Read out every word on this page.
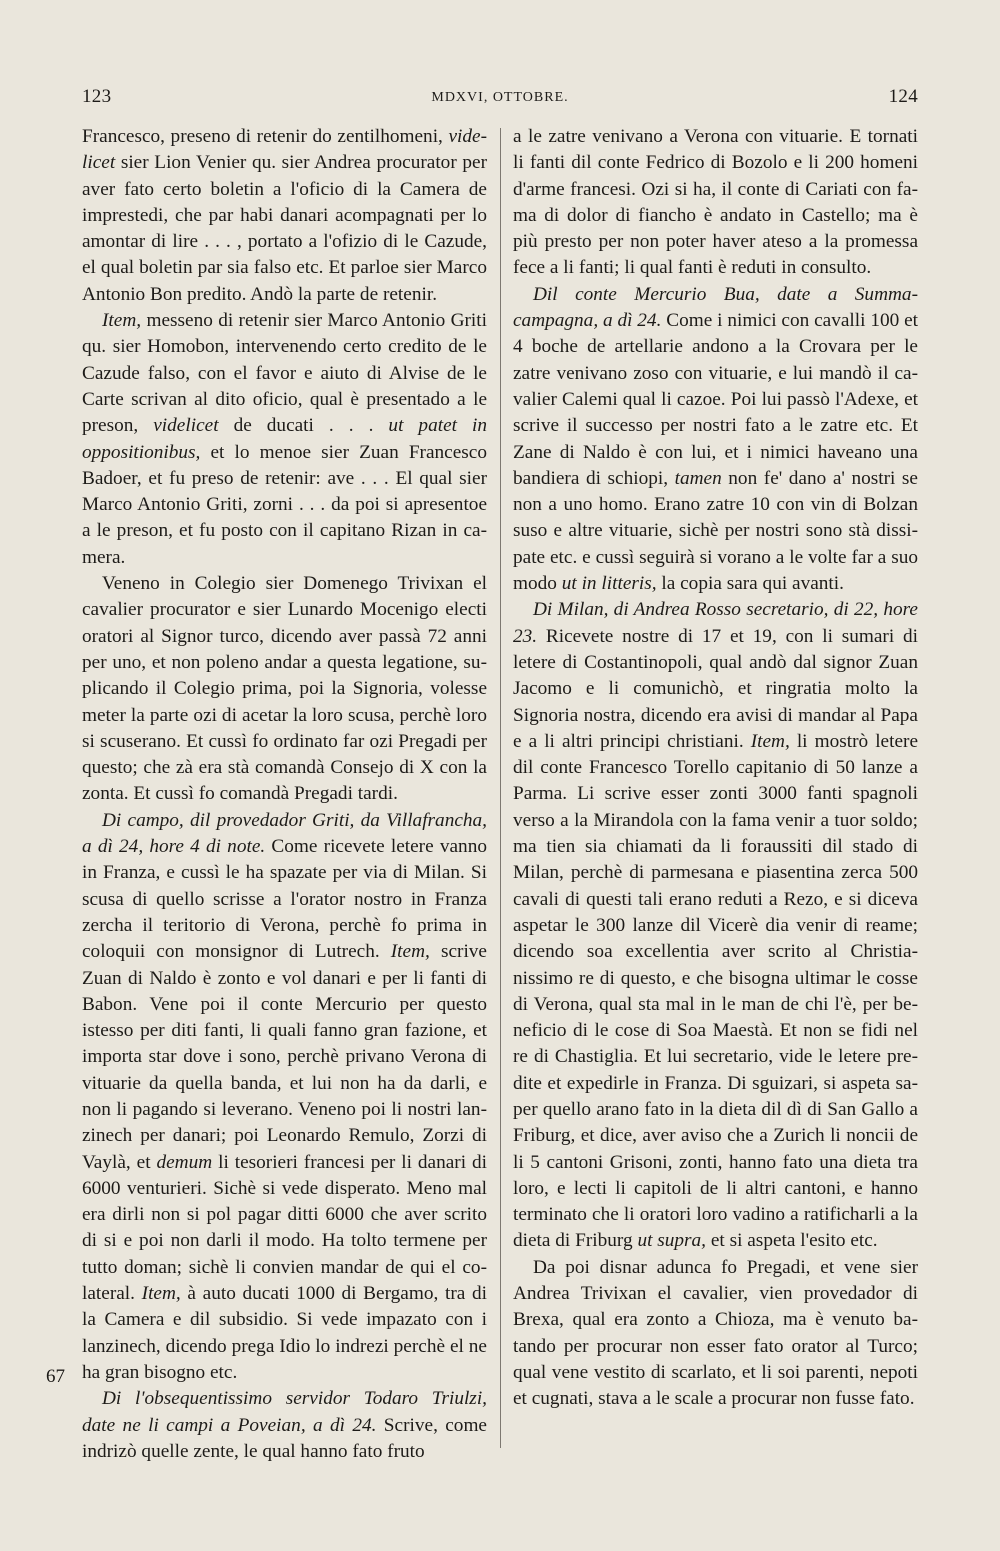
123	MDXVI, OTTOBRE.	124

Francesco, preseno di retenir do zentilhomeni, videlicet sier Lion Venier qu. sier Andrea procurator per aver fato certo boletin a l'oficio di la Camera de imprestedi, che par habi danari acompagnati per lo amontar di lire . . . , portato a l'ofizio di le Cazude, el qual boletin par sia falso etc. Et parloe sier Marco Antonio Bon predito. Andò la parte de retenir.

Item, messeno di retenir sier Marco Antonio Griti qu. sier Homobon, intervenendo certo credito de le Cazude falso, con el favor e aiuto di Alvise de le Carte scrivan al dito oficio, qual è presentado a le preson, videlicet de ducati . . . ut patet in oppositionibus, et lo menoe sier Zuan Francesco Badoer, et fu preso de retenir: ave . . . El qual sier Marco Antonio Griti, zorni . . . da poi si apresentoe a le preson, et fu posto con il capitano Rizan in camera.

Veneno in Colegio sier Domenego Trivixan el cavalier procurator e sier Lunardo Mocenigo electi oratori al Signor turco, dicendo aver passà 72 anni per uno, et non poleno andar a questa legatione, suplicando il Colegio prima, poi la Signoria, volesse meter la parte ozi di acetar la loro scusa, perchè loro si scuserano. Et cussì fo ordinato far ozi Pregadi per questo; che zà era stà comandà Consejo di X con la zonta. Et cussì fo comandà Pregadi tardi.

Di campo, dil provedador Griti, da Villafrancha, a dì 24, hore 4 di note. Come ricevete letere vanno in Franza, e cussì le ha spazate per via di Milan. Si scusa di quello scrisse a l'orator nostro in Franza zercha il teritorio di Verona, perchè fo prima in coloquii con monsignor di Lutrech. Item, scrive Zuan di Naldo è zonto e vol danari e per li fanti di Babon. Vene poi il conte Mercurio per questo istesso per diti fanti, li quali fanno gran fazione, et importa star dove i sono, perchè privano Verona di vituarie da quella banda, et lui non ha da darli, e non li pagando si leverano. Veneno poi li nostri lanzinech per danari; poi Leonardo Remulo, Zorzi di Vaylà, et demum li tesorieri francesi per li danari di 6000 venturieri. Sichè si vede disperato. Meno mal era dirli non si pol pagar ditti 6000 che aver scrito di si e poi non darli il modo. Ha tolto termene per tutto doman; sichè li convien mandar de qui el colateral. Item, à auto ducati 1000 di Bergamo, tra di la Camera e dil subsidio. Si vede impazato con i lanzinech, dicendo prega Idio lo indrezi perchè el ne ha gran bisogno etc.

Di l'obsequentissimo servidor Todaro Triulzi, date ne li campi a Poveian, a dì 24. Scrive, come indrizò quelle zente, le qual hanno fato fruto

a le zatre venivano a Verona con vituarie. E tornati li fanti dil conte Fedrico di Bozolo e li 200 homeni d'arme francesi. Ozi si ha, il conte di Cariati con fama di dolor di fiancho è andato in Castello; ma è più presto per non poter haver ateso a la promessa fece a li fanti; li qual fanti è reduti in consulto.

Dil conte Mercurio Bua, date a Summacampagna, a dì 24. Come i nimici con cavalli 100 et 4 boche de artellarie andono a la Crovara per le zatre venivano zoso con vituarie, e lui mandò il cavalier Calemi qual li cazoe. Poi lui passò l'Adexe, et scrive il successo per nostri fato a le zatre etc. Et Zane di Naldo è con lui, et i nimici haveano una bandiera di schiopi, tamen non fe' dano a' nostri se non a uno homo. Erano zatre 10 con vin di Bolzan suso e altre vituarie, sichè per nostri sono stà dissipate etc. e cussì seguirà si vorano a le volte far a suo modo ut in litteris, la copia sara qui avanti.

Di Milan, di Andrea Rosso secretario, di 22, hore 23. Ricevete nostre di 17 et 19, con li sumari di letere di Costantinopoli, qual andò dal signor Zuan Jacomo e li comunichò, et ringratia molto la Signoria nostra, dicendo era avisi di mandar al Papa e a li altri principi christiani. Item, li mostrò letere dil conte Francesco Torello capitanio di 50 lanze a Parma. Li scrive esser zonti 3000 fanti spagnoli verso a la Mirandola con la fama venir a tuor soldo; ma tien sia chiamati da li foraussiti dil stado di Milan, perchè di parmesana e piasentina zerca 500 cavali di questi tali erano reduti a Rezo, e si diceva aspetar le 300 lanze dil Vicerè dia venir di reame; dicendo soa excellentia aver scrito al Christianissimo re di questo, e che bisogna ultimar le cosse di Verona, qual sta mal in le man de chi l'è, per beneficio di le cose di Soa Maestà. Et non se fidi nel re di Chastiglia. Et lui secretario, vide le letere predite et expedirle in Franza. Di sguizari, si aspeta saper quello arano fato in la dieta dil dì di San Gallo a Friburg, et dice, aver aviso che a Zurich li noncii de li 5 cantoni Grisoni, zonti, hanno fato una dieta tra loro, e lecti li capitoli de li altri cantoni, e hanno terminato che li oratori loro vadino a ratificharli a la dieta di Friburg ut supra, et si aspeta l'esito etc.

Da poi disnar adunca fo Pregadi, et vene sier Andrea Trivixan el cavalier, vien provedador di Brexa, qual era zonto a Chioza, ma è venuto batando per procurar non esser fato orator al Turco; qual vene vestito di scarlato, et li soi parenti, nepoti et cugnati, stava a le scale a procurar non fusse fato.

67
